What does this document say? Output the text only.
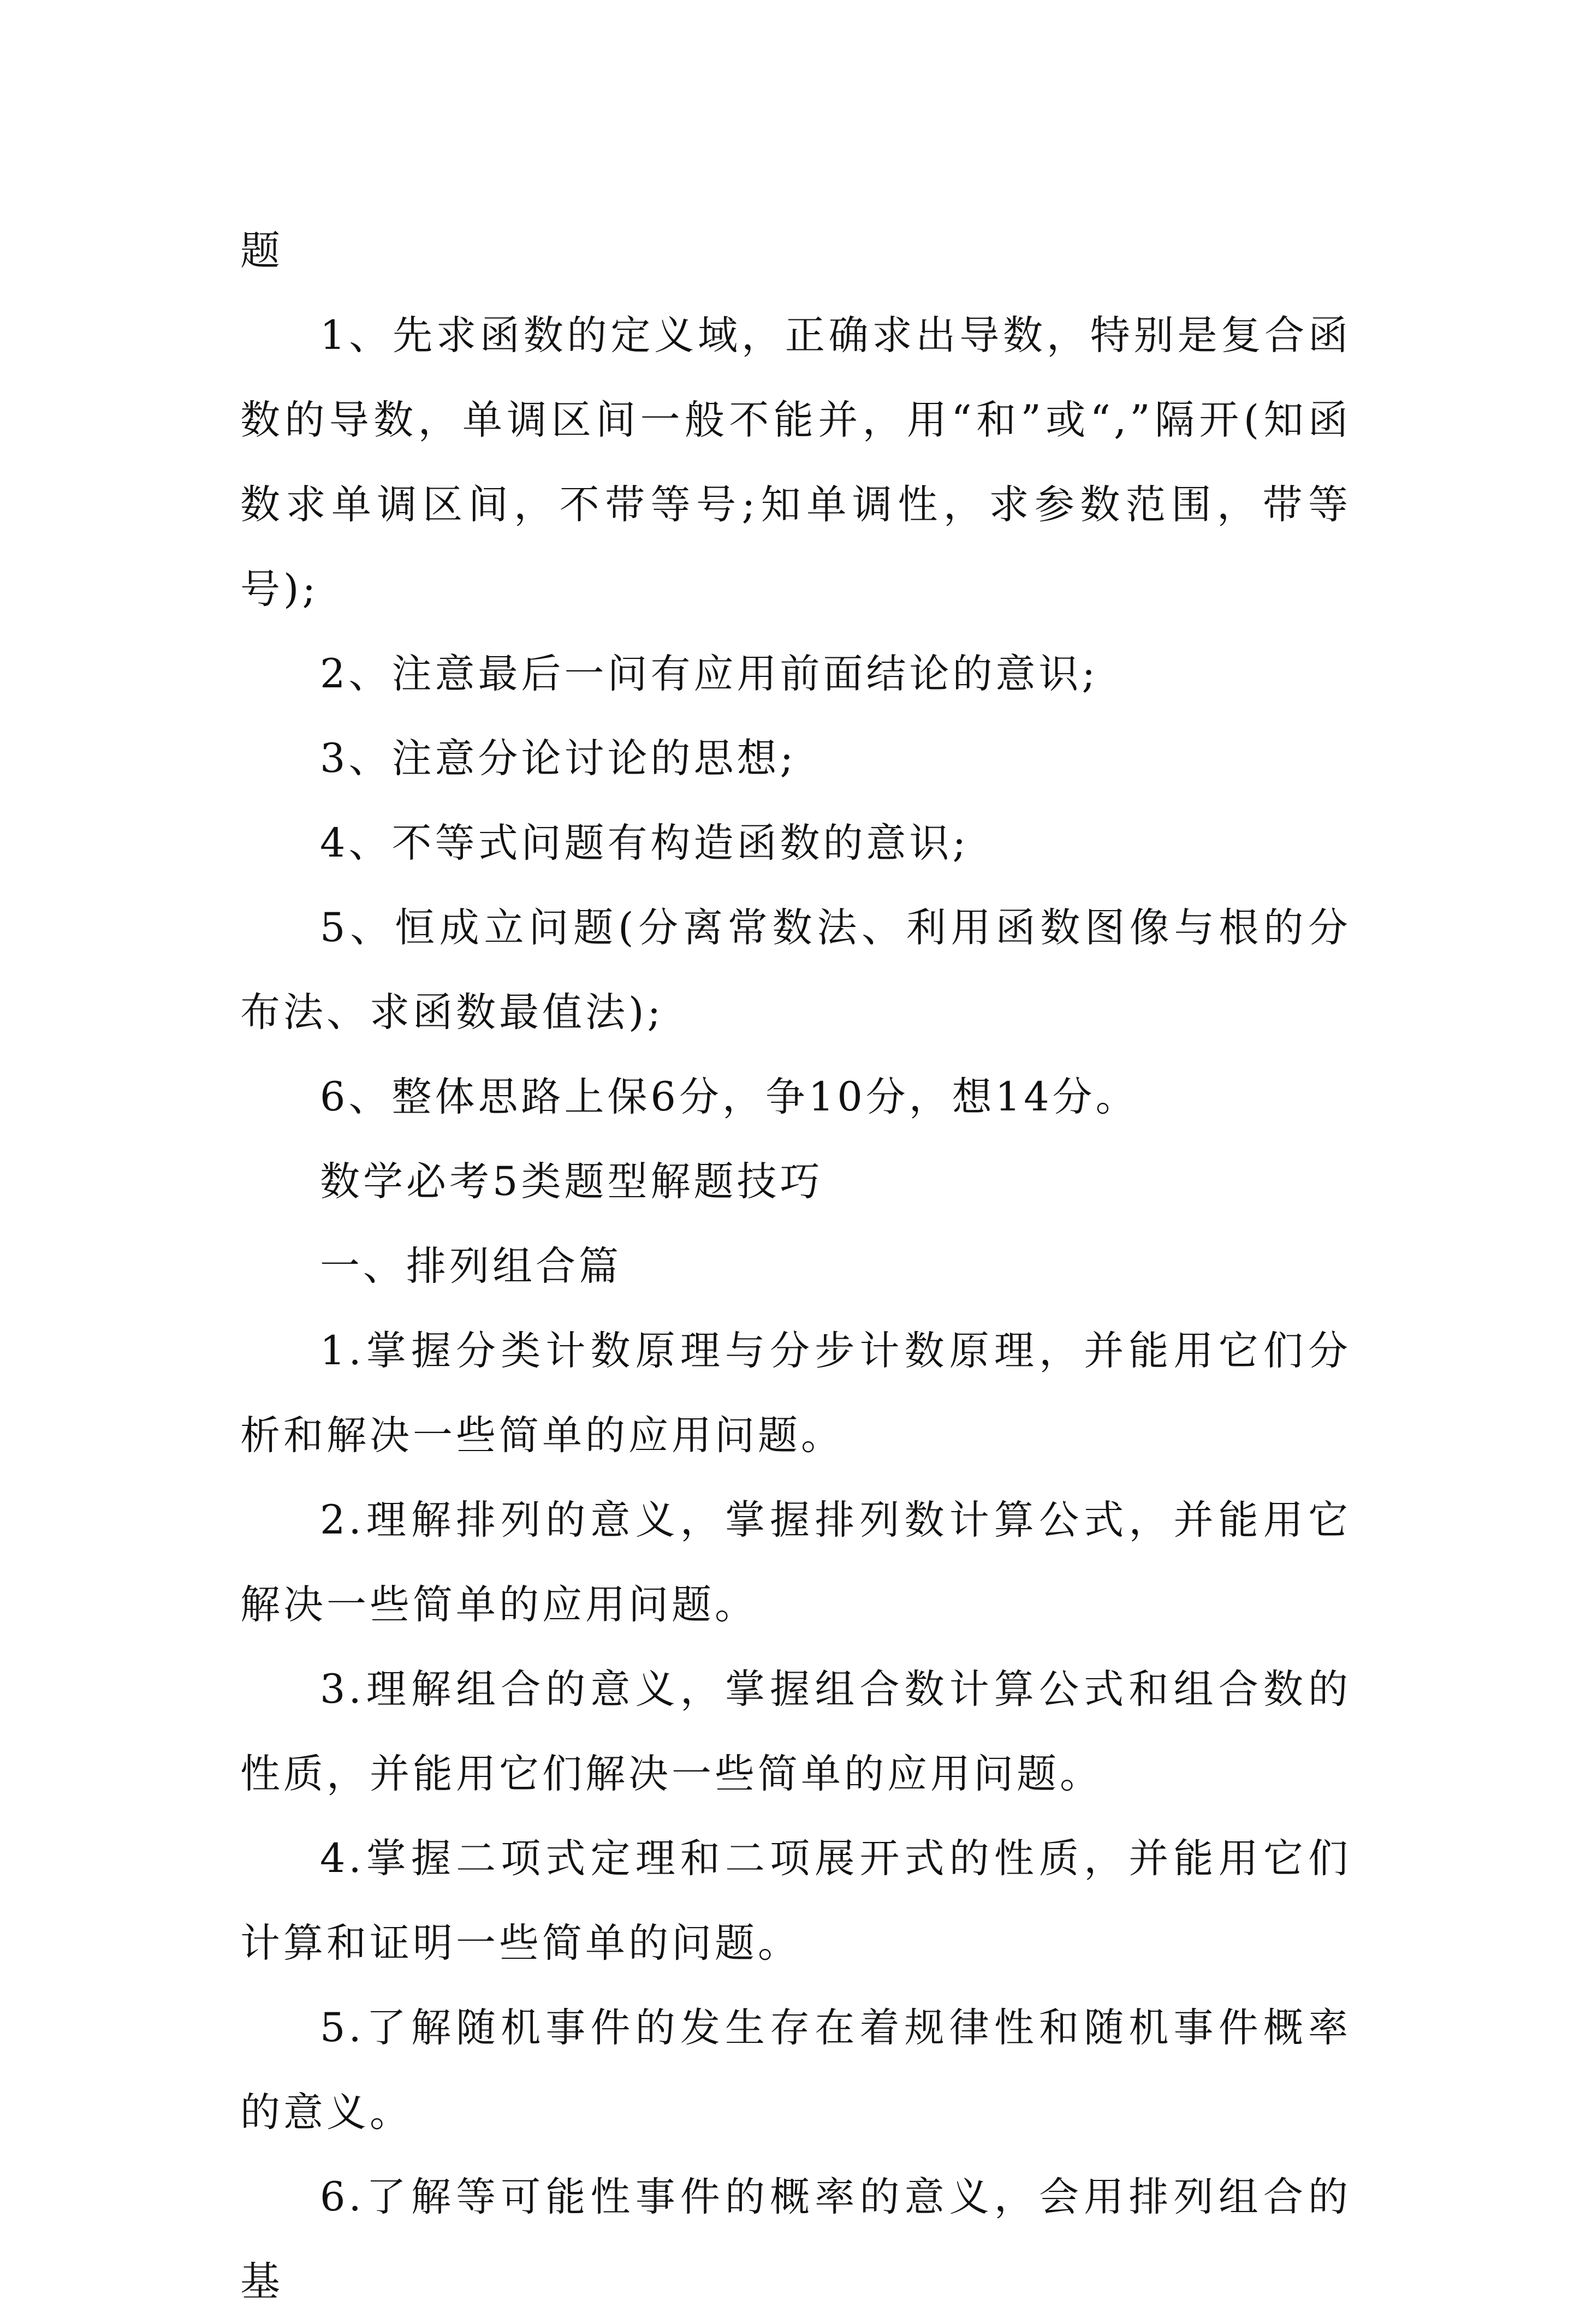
题

1、先求函数的定义域，正确求出导数，特别是复合函数的导数，单调区间一般不能并，用“和”或“,”隔开(知函数求单调区间，不带等号;知单调性，求参数范围，带等号);

2、注意最后一问有应用前面结论的意识;

3、注意分论讨论的思想;

4、不等式问题有构造函数的意识;

5、恒成立问题(分离常数法、利用函数图像与根的分布法、求函数最值法);

6、整体思路上保6分，争10分，想14分。

数学必考5类题型解题技巧

一、排列组合篇

1.掌握分类计数原理与分步计数原理，并能用它们分析和解决一些简单的应用问题。

2.理解排列的意义，掌握排列数计算公式，并能用它解决一些简单的应用问题。

3.理解组合的意义，掌握组合数计算公式和组合数的性质，并能用它们解决一些简单的应用问题。

4.掌握二项式定理和二项展开式的性质，并能用它们计算和证明一些简单的问题。

5.了解随机事件的发生存在着规律性和随机事件概率的意义。

6.了解等可能性事件的概率的意义，会用排列组合的基
